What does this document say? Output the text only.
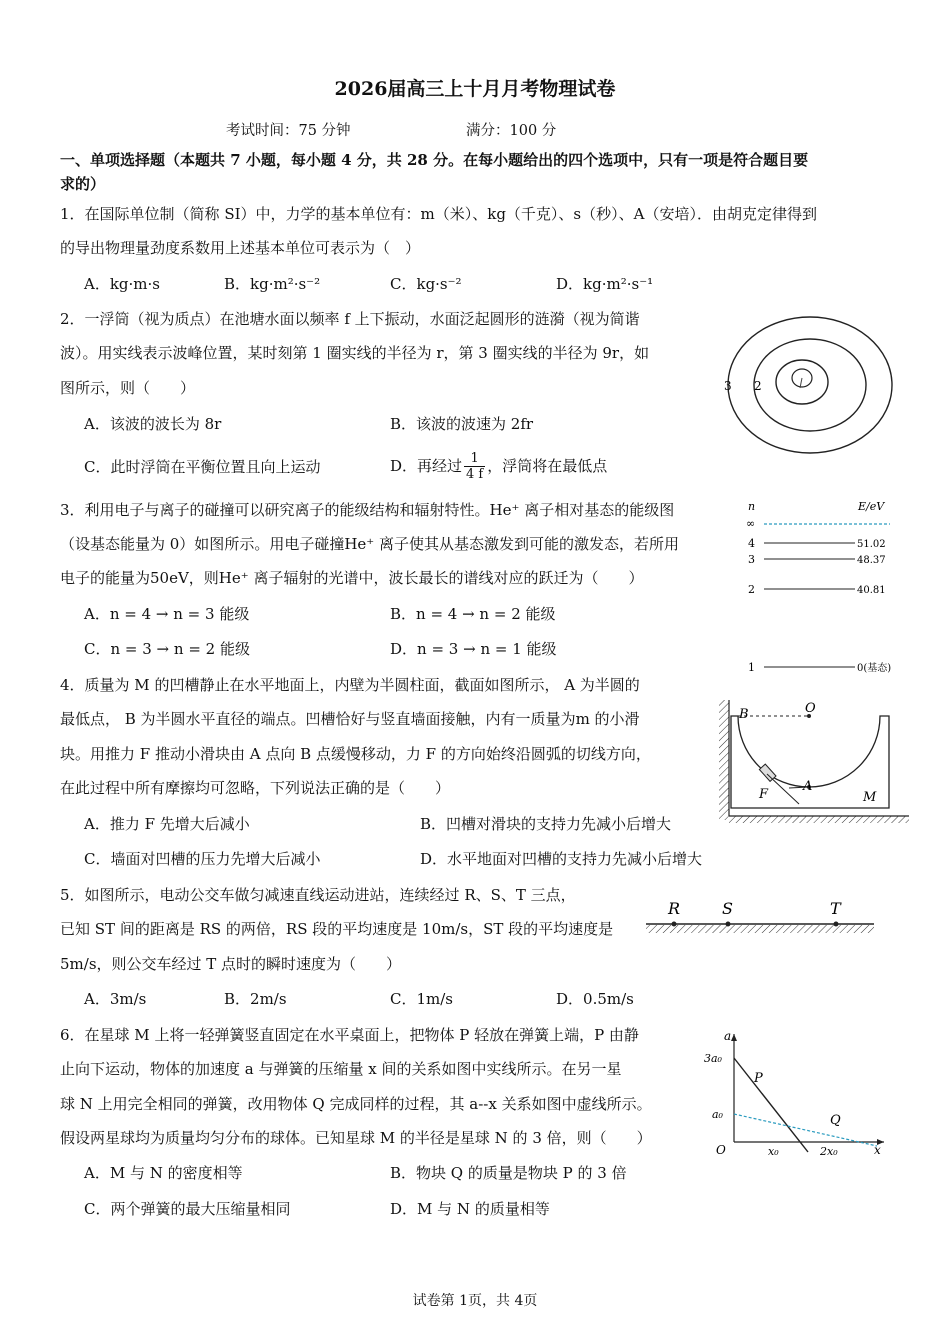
2026届高三上十月月考物理试卷
考试时间：75 分钟	满分：100 分
一、单项选择题（本题共 7 小题，每小题 4 分，共 28 分。在每小题给出的四个选项中，只有一项是符合题目要
求的）
1．在国际单位制（简称 SI）中，力学的基本单位有：m（米）、kg（千克）、s（秒）、A（安培）．由胡克定律得到
的导出物理量劲度系数用上述基本单位可表示为（　）
A．kg·m·s	B．kg·m²·s⁻²	C．kg·s⁻²	D．kg·m²·s⁻¹
2．一浮筒（视为质点）在池塘水面以频率 f 上下振动，水面泛起圆形的涟漪（视为简谐
波）。用实线表示波峰位置，某时刻第 1 圈实线的半径为 r，第 3 圈实线的半径为 9r，如
图所示，则（　　）
A．该波的波长为 8r	B．该波的波速为 2fr
C．此时浮筒在平衡位置且向上运动	D．再经过 $\frac{1}{4 f}$ ，浮筒将在最低点
3 2
3．利用电子与离子的碰撞可以研究离子的能级结构和辐射特性。He⁺ 离子相对基态的能级图
（设基态能量为 0）如图所示。用电子碰撞He⁺ 离子使其从基态激发到可能的激发态，若所用
电子的能量为50eV，则He⁺ 离子辐射的光谱中，波长最长的谱线对应的跃迁为（　　）
A．n = 4 → n = 3 能级	B．n = 4 → n = 2 能级
C．n = 3 → n = 2 能级	D．n = 3 → n = 1 能级
n	E/eV
∞
4	51.02
3	48.37
2	40.81
1	0(基态)
4．质量为 M 的凹槽静止在水平地面上，内壁为半圆柱面，截面如图所示， A 为半圆的
最低点， B 为半圆水平直径的端点。凹槽恰好与竖直墙面接触，内有一质量为m 的小滑
块。用推力 F 推动小滑块由 A 点向 B 点缓慢移动，力 F 的方向始终沿圆弧的切线方向，
在此过程中所有摩擦均可忽略，下列说法正确的是（　　）
A．推力 F 先增大后减小	B．凹槽对滑块的支持力先减小后增大
C．墙面对凹槽的压力先增大后减小	D．水平地面对凹槽的支持力先减小后增大
B	O
A
F	M
5．如图所示，电动公交车做匀减速直线运动进站，连续经过 R、S、T 三点，
已知 ST 间的距离是 RS 的两倍，RS 段的平均速度是 10m/s，ST 段的平均速度是
5m/s，则公交车经过 T 点时的瞬时速度为（　　）
A．3m/s	B．2m/s	C．1m/s	D．0.5m/s
R	S	T
6．在星球 M 上将一轻弹簧竖直固定在水平桌面上，把物体 P 轻放在弹簧上端，P 由静
止向下运动，物体的加速度 a 与弹簧的压缩量 x 间的关系如图中实线所示。在另一星
球 N 上用完全相同的弹簧，改用物体 Q 完成同样的过程，其 a--x 关系如图中虚线所示。
假设两星球均为质量均匀分布的球体。已知星球 M 的半径是星球 N 的 3 倍，则（　　）
A．M 与 N 的密度相等	B．物块 Q 的质量是物块 P 的 3 倍
C．两个弹簧的最大压缩量相同	D．M 与 N 的质量相等
a
x
O
3a₀
a₀
P
Q
x₀	2x₀
试卷第 1页，共 4页
